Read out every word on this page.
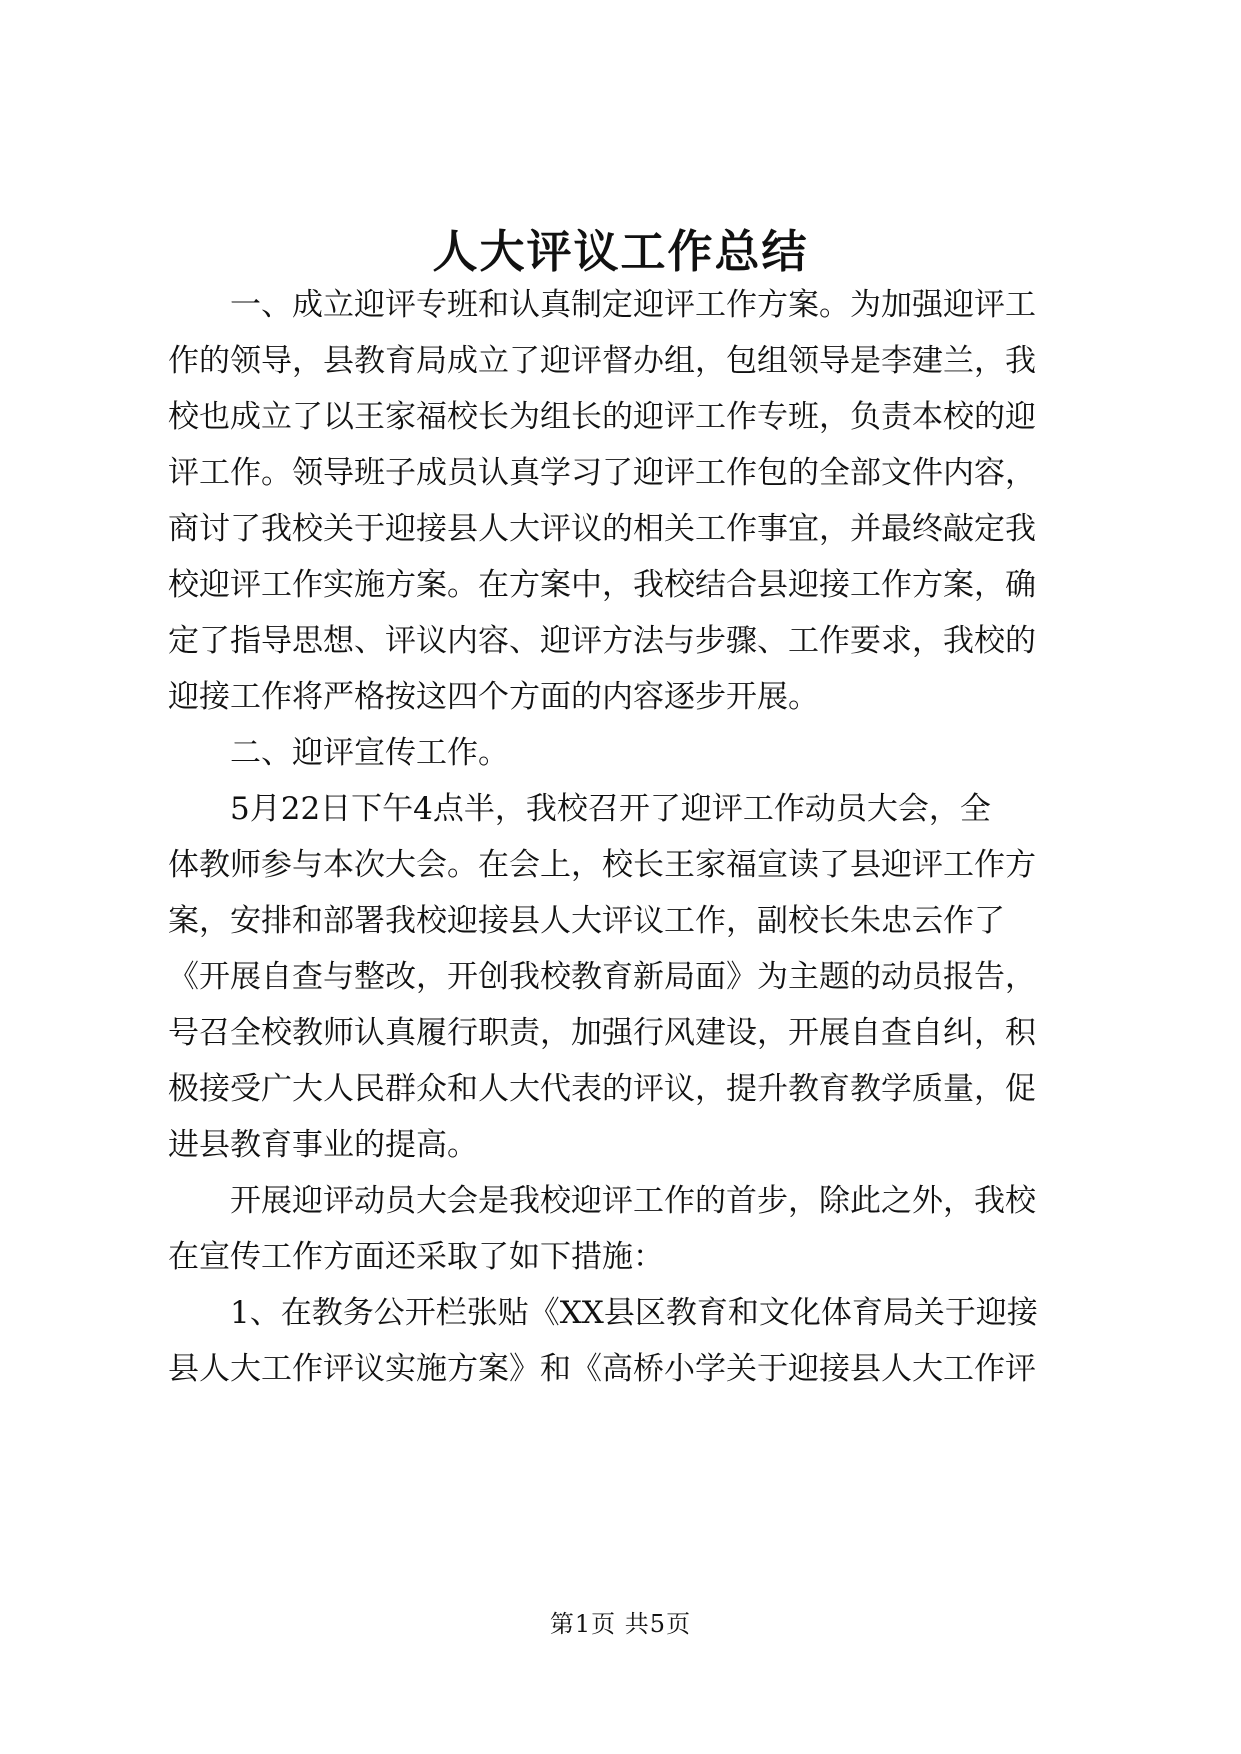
人大评议工作总结
　　一、成立迎评专班和认真制定迎评工作方案。为加强迎评工
作的领导，县教育局成立了迎评督办组，包组领导是李建兰，我
校也成立了以王家福校长为组长的迎评工作专班，负责本校的迎
评工作。领导班子成员认真学习了迎评工作包的全部文件内容，
商讨了我校关于迎接县人大评议的相关工作事宜，并最终敲定我
校迎评工作实施方案。在方案中，我校结合县迎接工作方案，确
定了指导思想、评议内容、迎评方法与步骤、工作要求，我校的
迎接工作将严格按这四个方面的内容逐步开展。
　　二、迎评宣传工作。
　　5月22日下午4点半，我校召开了迎评工作动员大会，全
体教师参与本次大会。在会上，校长王家福宣读了县迎评工作方
案，安排和部署我校迎接县人大评议工作，副校长朱忠云作了
《开展自查与整改，开创我校教育新局面》为主题的动员报告，
号召全校教师认真履行职责，加强行风建设，开展自查自纠，积
极接受广大人民群众和人大代表的评议，提升教育教学质量，促
进县教育事业的提高。
　　开展迎评动员大会是我校迎评工作的首步，除此之外，我校
在宣传工作方面还采取了如下措施：
　　1、在教务公开栏张贴《XX县区教育和文化体育局关于迎接
县人大工作评议实施方案》和《高桥小学关于迎接县人大工作评
第1页 共5页
